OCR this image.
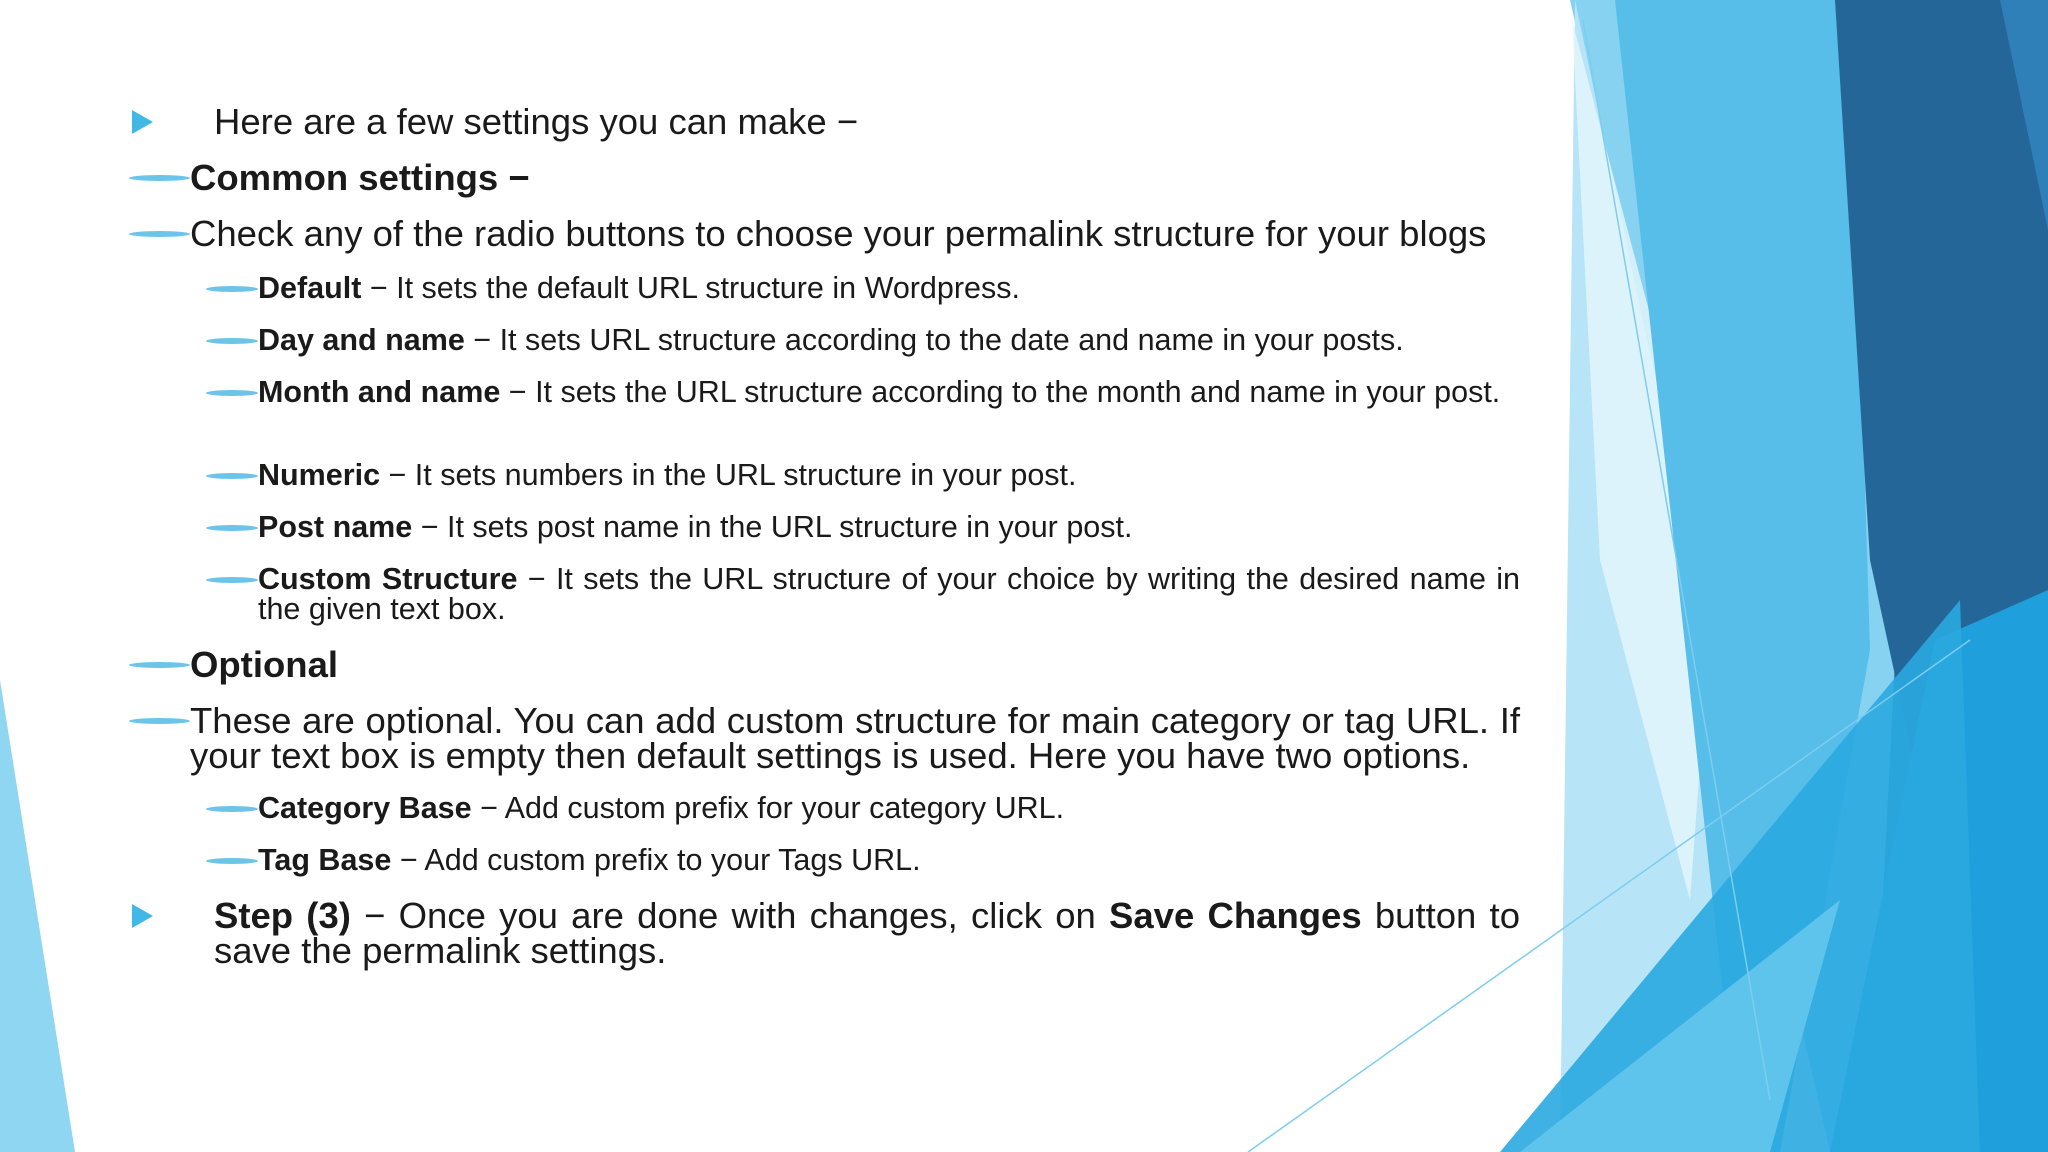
Here are a few settings you can make −

Common settings −

Check any of the radio buttons to choose your permalink structure for your blogs

Default − It sets the default URL structure in Wordpress.

Day and name − It sets URL structure according to the date and name in your posts.

Month and name − It sets the URL structure according to the month and name in your post.

Numeric − It sets numbers in the URL structure in your post.

Post name − It sets post name in the URL structure in your post.

Custom Structure − It sets the URL structure of your choice by writing the desired name in the given text box.

Optional

These are optional. You can add custom structure for main category or tag URL. If your text box is empty then default settings is used. Here you have two options.

Category Base − Add custom prefix for your category URL.

Tag Base − Add custom prefix to your Tags URL.

Step (3) − Once you are done with changes, click on Save Changes button to save the permalink settings.
